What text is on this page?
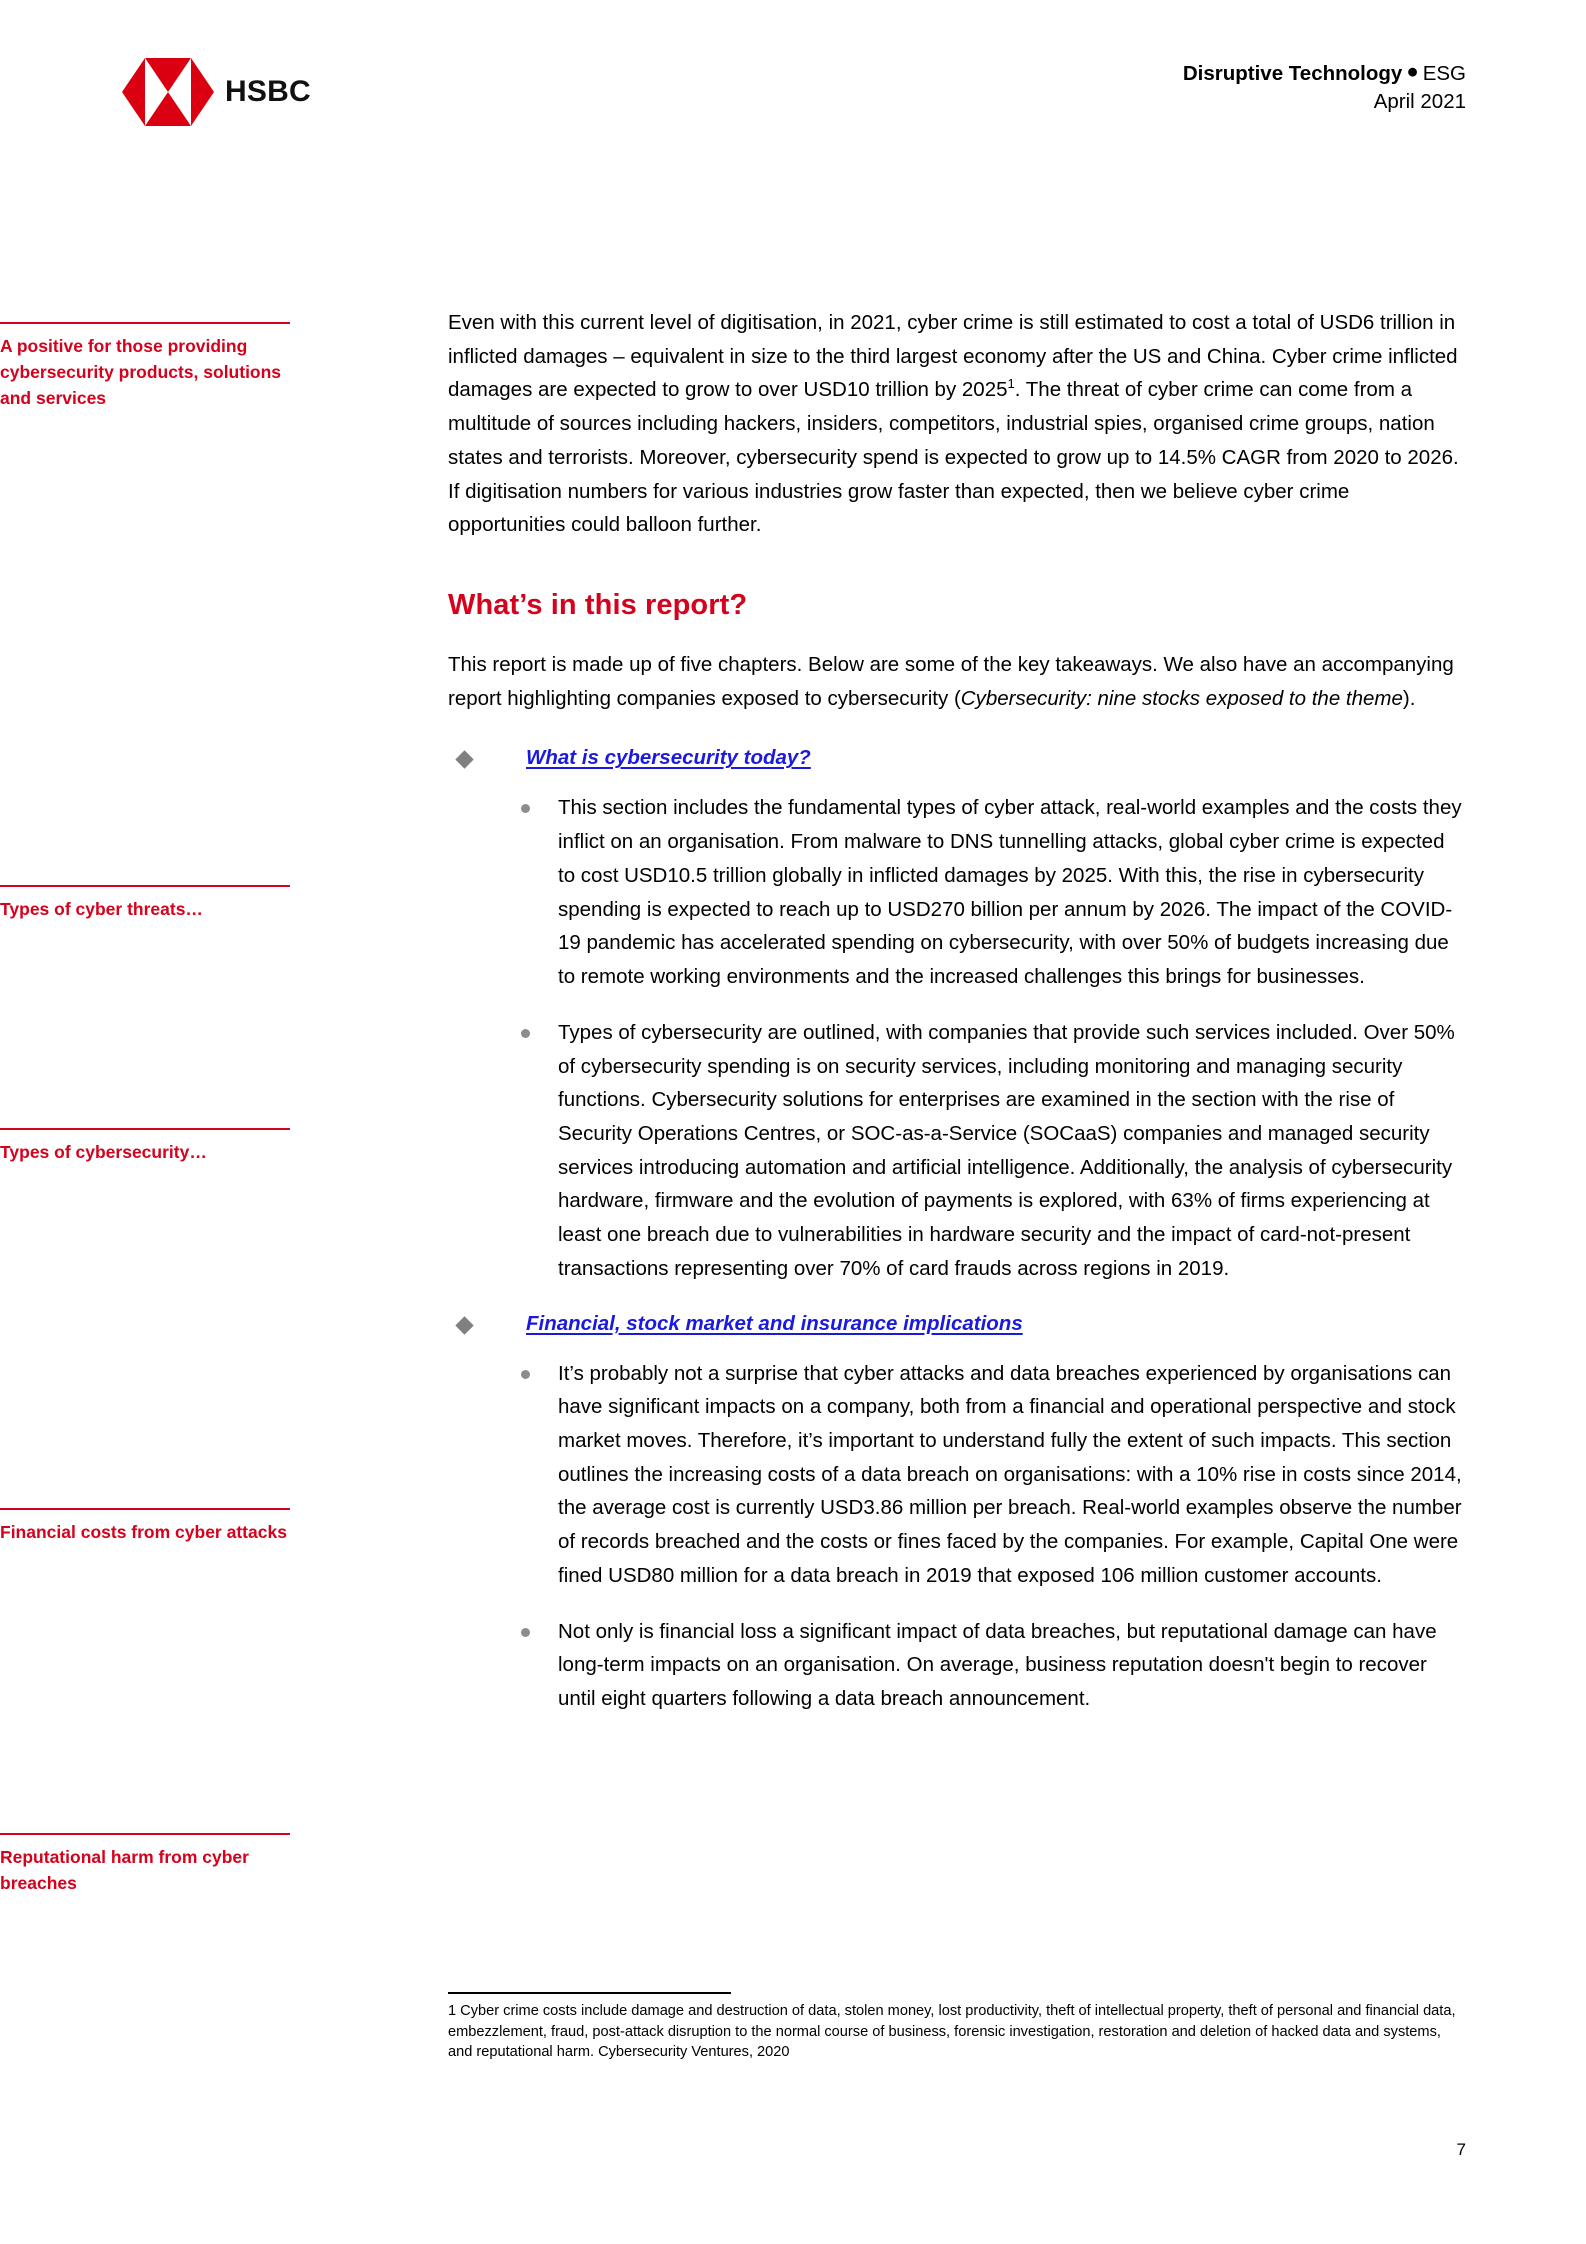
HSBC
Disruptive Technology ● ESG
April 2021
A positive for those providing cybersecurity products, solutions and services
Types of cyber threats…
Types of cybersecurity…
Financial costs from cyber attacks
Reputational harm from cyber breaches

Even with this current level of digitisation, in 2021, cyber crime is still estimated to cost a total of USD6 trillion in inflicted damages – equivalent in size to the third largest economy after the US and China. Cyber crime inflicted damages are expected to grow to over USD10 trillion by 2025$^1$. The threat of cyber crime can come from a multitude of sources including hackers, insiders, competitors, industrial spies, organised crime groups, nation states and terrorists. Moreover, cybersecurity spend is expected to grow up to 14.5% CAGR from 2020 to 2026. If digitisation numbers for various industries grow faster than expected, then we believe cyber crime opportunities could balloon further.

What’s in this report?

This report is made up of five chapters. Below are some of the key takeaways. We also have an accompanying report highlighting companies exposed to cybersecurity (Cybersecurity: nine stocks exposed to the theme).

What is cybersecurity today?

This section includes the fundamental types of cyber attack, real-world examples and the costs they inflict on an organisation. From malware to DNS tunnelling attacks, global cyber crime is expected to cost USD10.5 trillion globally in inflicted damages by 2025. With this, the rise in cybersecurity spending is expected to reach up to USD270 billion per annum by 2026. The impact of the COVID-19 pandemic has accelerated spending on cybersecurity, with over 50% of budgets increasing due to remote working environments and the increased challenges this brings for businesses.

Types of cybersecurity are outlined, with companies that provide such services included. Over 50% of cybersecurity spending is on security services, including monitoring and managing security functions. Cybersecurity solutions for enterprises are examined in the section with the rise of Security Operations Centres, or SOC-as-a-Service (SOCaaS) companies and managed security services introducing automation and artificial intelligence. Additionally, the analysis of cybersecurity hardware, firmware and the evolution of payments is explored, with 63% of firms experiencing at least one breach due to vulnerabilities in hardware security and the impact of card-not-present transactions representing over 70% of card frauds across regions in 2019.

Financial, stock market and insurance implications

It’s probably not a surprise that cyber attacks and data breaches experienced by organisations can have significant impacts on a company, both from a financial and operational perspective and stock market moves. Therefore, it’s important to understand fully the extent of such impacts. This section outlines the increasing costs of a data breach on organisations: with a 10% rise in costs since 2014, the average cost is currently USD3.86 million per breach. Real-world examples observe the number of records breached and the costs or fines faced by the companies. For example, Capital One were fined USD80 million for a data breach in 2019 that exposed 106 million customer accounts.

Not only is financial loss a significant impact of data breaches, but reputational damage can have long-term impacts on an organisation. On average, business reputation doesn't begin to recover until eight quarters following a data breach announcement.

1 Cyber crime costs include damage and destruction of data, stolen money, lost productivity, theft of intellectual property, theft of personal and financial data, embezzlement, fraud, post-attack disruption to the normal course of business, forensic investigation, restoration and deletion of hacked data and systems, and reputational harm. Cybersecurity Ventures, 2020
7
